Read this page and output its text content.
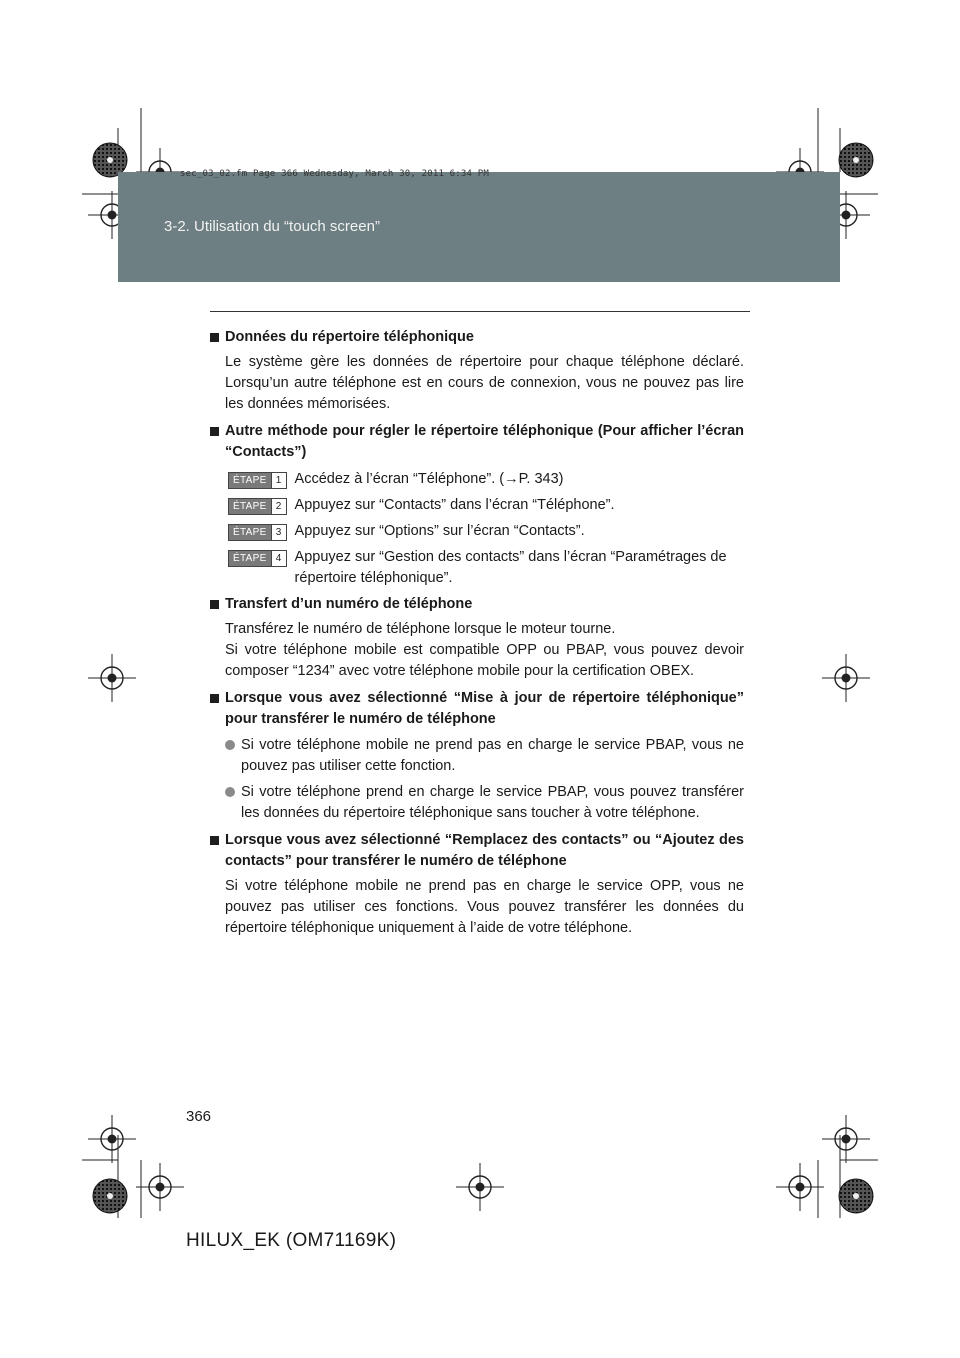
3-2. Utilisation du “touch screen”
sec_03_02.fm Page 366 Wednesday, March 30, 2011 6:34 PM
Données du répertoire téléphonique
Le système gère les données de répertoire pour chaque téléphone déclaré. Lorsqu’un autre téléphone est en cours de connexion, vous ne pouvez pas lire les données mémorisées.
Autre méthode pour régler le répertoire téléphonique (Pour afficher l’écran “Contacts”)
ÉTAPE 1 Accédez à l’écran “Téléphone”. (→P. 343)
ÉTAPE 2 Appuyez sur “Contacts” dans l’écran “Téléphone”.
ÉTAPE 3 Appuyez sur “Options” sur l’écran “Contacts”.
ÉTAPE 4 Appuyez sur “Gestion des contacts” dans l’écran “Paramétrages de répertoire téléphonique”.
Transfert d’un numéro de téléphone
Transférez le numéro de téléphone lorsque le moteur tourne.
Si votre téléphone mobile est compatible OPP ou PBAP, vous pouvez devoir composer “1234” avec votre téléphone mobile pour la certification OBEX.
Lorsque vous avez sélectionné “Mise à jour de répertoire téléphonique” pour transférer le numéro de téléphone
Si votre téléphone mobile ne prend pas en charge le service PBAP, vous ne pouvez pas utiliser cette fonction.
Si votre téléphone prend en charge le service PBAP, vous pouvez transférer les données du répertoire téléphonique sans toucher à votre téléphone.
Lorsque vous avez sélectionné “Remplacez des contacts” ou “Ajoutez des contacts” pour transférer le numéro de téléphone
Si votre téléphone mobile ne prend pas en charge le service OPP, vous ne pouvez pas utiliser ces fonctions. Vous pouvez transférer les données du répertoire téléphonique uniquement à l’aide de votre téléphone.
366
HILUX_EK (OM71169K)
